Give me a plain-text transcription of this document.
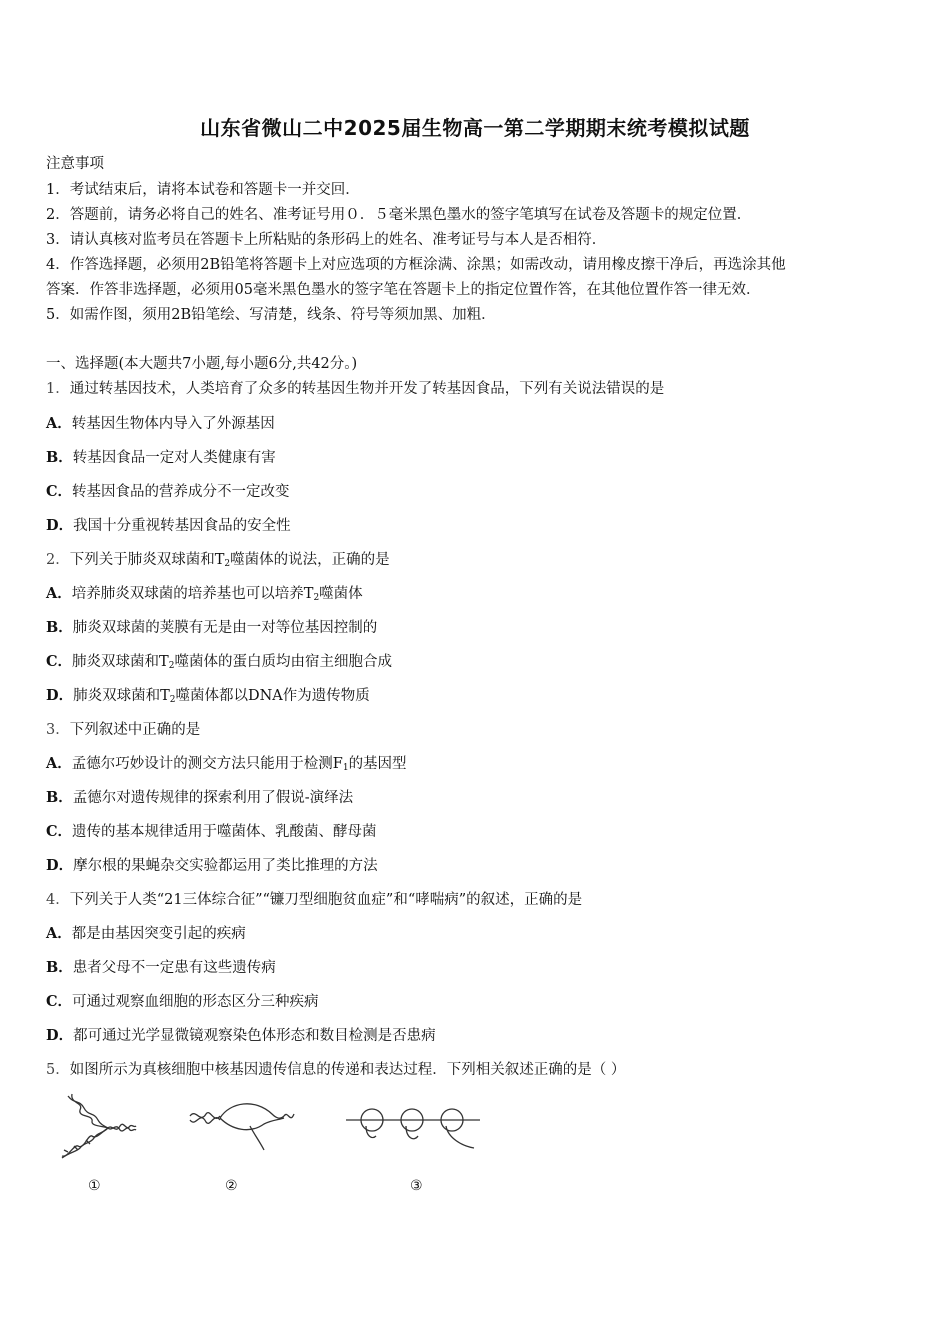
山东省微山二中2025届生物高一第二学期期末统考模拟试题
注意事项
1．考试结束后，请将本试卷和答题卡一并交回．
2．答题前，请务必将自己的姓名、准考证号用０．５毫米黑色墨水的签字笔填写在试卷及答题卡的规定位置．
3．请认真核对监考员在答题卡上所粘贴的条形码上的姓名、准考证号与本人是否相符．
4．作答选择题，必须用2B铅笔将答题卡上对应选项的方框涂满、涂黑；如需改动，请用橡皮擦干净后，再选涂其他
答案．作答非选择题，必须用05毫米黑色墨水的签字笔在答题卡上的指定位置作答，在其他位置作答一律无效．
5．如需作图，须用2B铅笔绘、写清楚，线条、符号等须加黑、加粗．
一、选择题(本大题共7小题,每小题6分,共42分。)
1．通过转基因技术，人类培育了众多的转基因生物并开发了转基因食品，下列有关说法错误的是
A．转基因生物体内导入了外源基因
B．转基因食品一定对人类健康有害
C．转基因食品的营养成分不一定改变
D．我国十分重视转基因食品的安全性
2．下列关于肺炎双球菌和$T_2$噬菌体的说法，正确的是
A．培养肺炎双球菌的培养基也可以培养$T_2$噬菌体
B．肺炎双球菌的荚膜有无是由一对等位基因控制的
C．肺炎双球菌和$T_2$噬菌体的蛋白质均由宿主细胞合成
D．肺炎双球菌和$T_2$噬菌体都以DNA作为遗传物质
3．下列叙述中正确的是
A．孟德尔巧妙设计的测交方法只能用于检测$F_1$的基因型
B．孟德尔对遗传规律的探索利用了假说-演绎法
C．遗传的基本规律适用于噬菌体、乳酸菌、酵母菌
D．摩尔根的果蝇杂交实验都运用了类比推理的方法
4．下列关于人类“21三体综合征”“镰刀型细胞贫血症”和“哮喘病”的叙述，正确的是
A．都是由基因突变引起的疾病
B．患者父母不一定患有这些遗传病
C．可通过观察血细胞的形态区分三种疾病
D．都可通过光学显微镜观察染色体形态和数目检测是否患病
5．如图所示为真核细胞中核基因遗传信息的传递和表达过程．下列相关叙述正确的是（ ）
①	②	③
